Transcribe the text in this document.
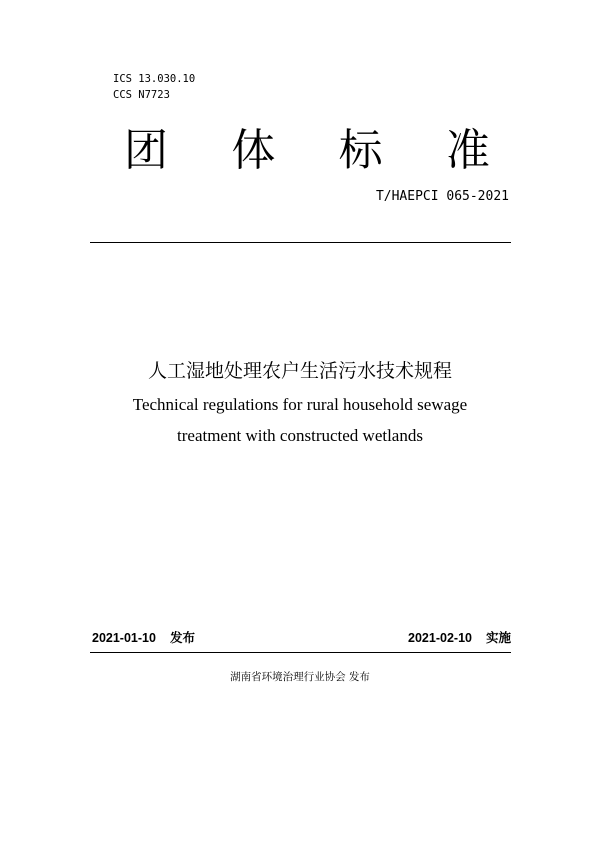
ICS 13.030.10
CCS N7723
团 体 标 准
T/HAEPCI 065-2021
人工湿地处理农户生活污水技术规程
Technical regulations for rural household sewage
treatment with constructed wetlands
2021-01-10 发布	2021-02-10 实施
湖南省环境治理行业协会 发布
